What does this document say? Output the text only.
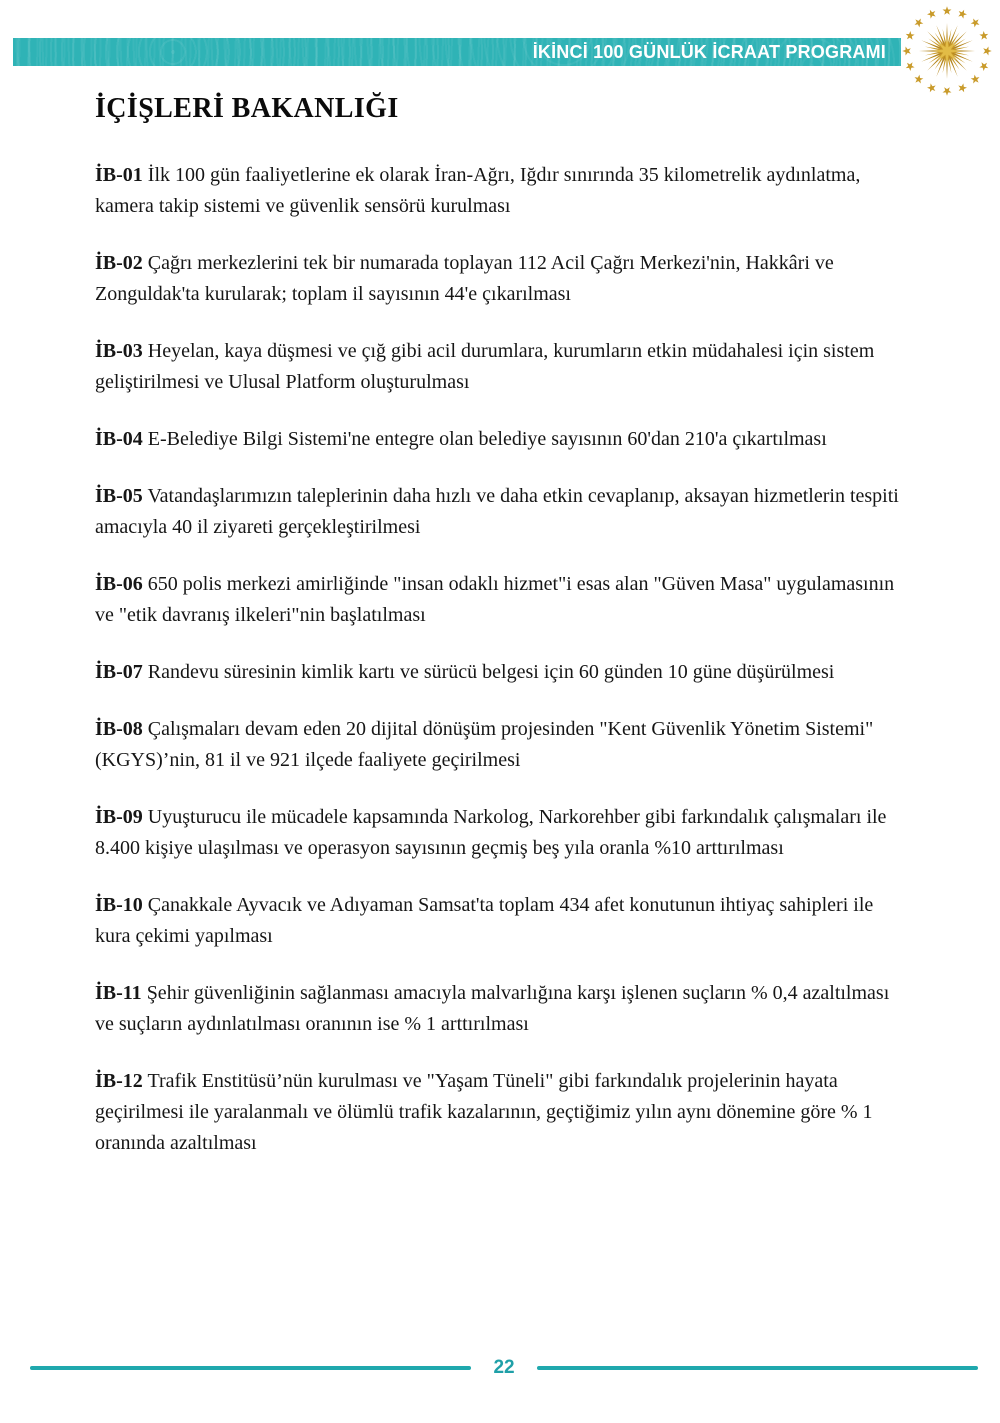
İKİNCİ 100 GÜNLÜK İCRAAT PROGRAMI
İÇİŞLERİ BAKANLIĞI

İB-01 İlk 100 gün faaliyetlerine ek olarak İran-Ağrı, Iğdır sınırında 35 kilometrelik aydınlatma, kamera takip sistemi ve güvenlik sensörü kurulması

İB-02 Çağrı merkezlerini tek bir numarada toplayan 112 Acil Çağrı Merkezi'nin, Hakkâri ve Zonguldak'ta kurularak; toplam il sayısının 44'e çıkarılması

İB-03 Heyelan, kaya düşmesi ve çığ gibi acil durumlara, kurumların etkin müdahalesi için sistem geliştirilmesi ve Ulusal Platform oluşturulması

İB-04 E-Belediye Bilgi Sistemi'ne entegre olan belediye sayısının 60'dan 210'a çıkartılması

İB-05 Vatandaşlarımızın taleplerinin daha hızlı ve daha etkin cevaplanıp, aksayan hizmetlerin tespiti amacıyla 40 il ziyareti gerçekleştirilmesi

İB-06 650 polis merkezi amirliğinde "insan odaklı hizmet"i esas alan "Güven Masa" uygulamasının ve "etik davranış ilkeleri"nin başlatılması

İB-07 Randevu süresinin kimlik kartı ve sürücü belgesi için 60 günden 10 güne düşürülmesi

İB-08 Çalışmaları devam eden 20 dijital dönüşüm projesinden "Kent Güvenlik Yönetim Sistemi" (KGYS)’nin, 81 il ve 921 ilçede faaliyete geçirilmesi

İB-09 Uyuşturucu ile mücadele kapsamında Narkolog, Narkorehber gibi farkındalık çalışmaları ile 8.400 kişiye ulaşılması ve operasyon sayısının geçmiş beş yıla oranla %10 arttırılması

İB-10 Çanakkale Ayvacık ve Adıyaman Samsat'ta toplam 434 afet konutunun ihtiyaç sahipleri ile kura çekimi yapılması

İB-11 Şehir güvenliğinin sağlanması amacıyla malvarlığına karşı işlenen suçların % 0,4 azaltılması ve suçların aydınlatılması oranının ise % 1 arttırılması

İB-12 Trafik Enstitüsü’nün kurulması ve "Yaşam Tüneli" gibi farkındalık projelerinin hayata geçirilmesi ile yaralanmalı ve ölümlü trafik kazalarının, geçtiğimiz yılın aynı dönemine göre % 1 oranında azaltılması

22
